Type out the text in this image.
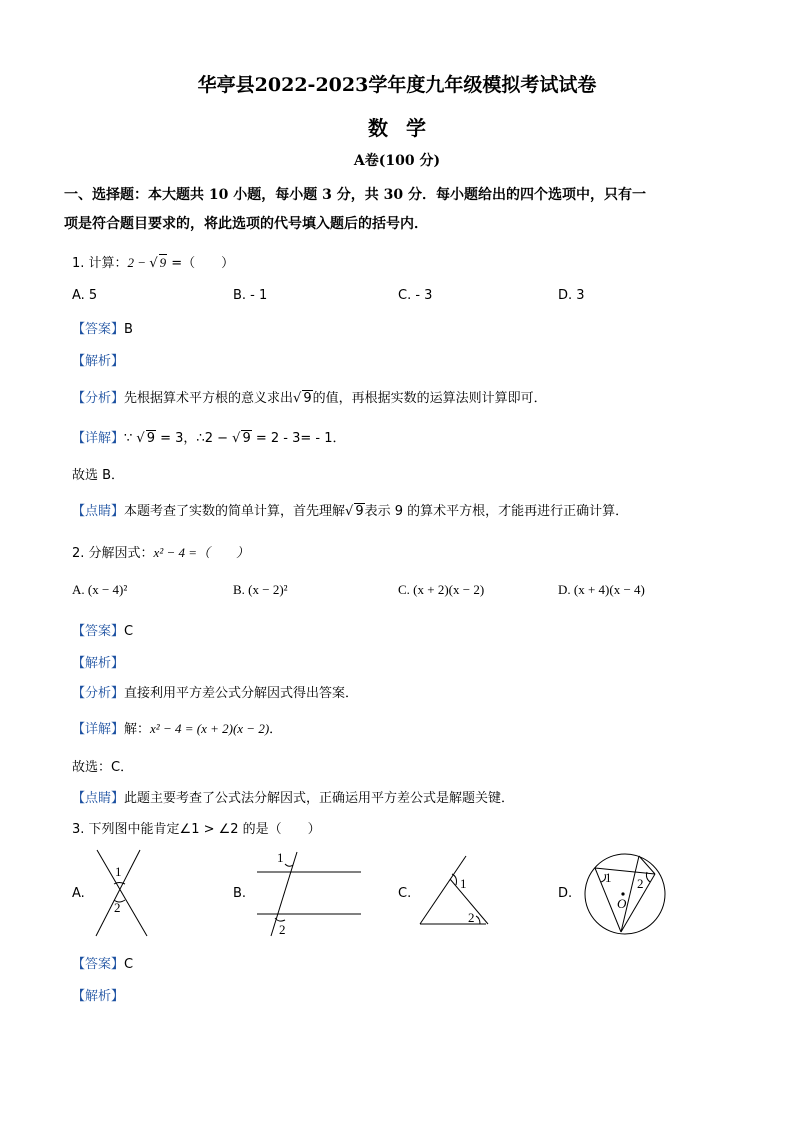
华亭县2022-2023学年度九年级模拟考试试卷
数学
A卷(100 分)
一、选择题：本大题共 10 小题，每小题 3 分，共 30 分．每小题给出的四个选项中，只有一
项是符合题目要求的，将此选项的代号填入题后的括号内．
1. 计算：2 − √ 9 =（　　）
A. 5	B. - 1	C. - 3	D. 3
【答案】B
【解析】
【分析】先根据算术平方根的意义求出√ 9的值，再根据实数的运算法则计算即可．
【详解】∵ √ 9 = 3，∴2 − √ 9 = 2 - 3= - 1．
故选 B．
【点睛】本题考查了实数的简单计算，首先理解√ 9表示 9 的算术平方根，才能再进行正确计算．
2. 分解因式：x² − 4 =（　　）
A. (x − 4)²	B. (x − 2)²	C. (x + 2)(x − 2)	D. (x + 4)(x − 4)
【答案】C
【解析】
【分析】直接利用平方差公式分解因式得出答案．
【详解】解：x² − 4 = (x + 2)(x − 2)．
故选：C．
【点睛】此题主要考查了公式法分解因式，正确运用平方差公式是解题关键．
3. 下列图中能肯定∠1 > ∠2 的是（　　）
A.	B.	C.	D.
1
2
1
2
1
2
1 2
O
【答案】C
【解析】
